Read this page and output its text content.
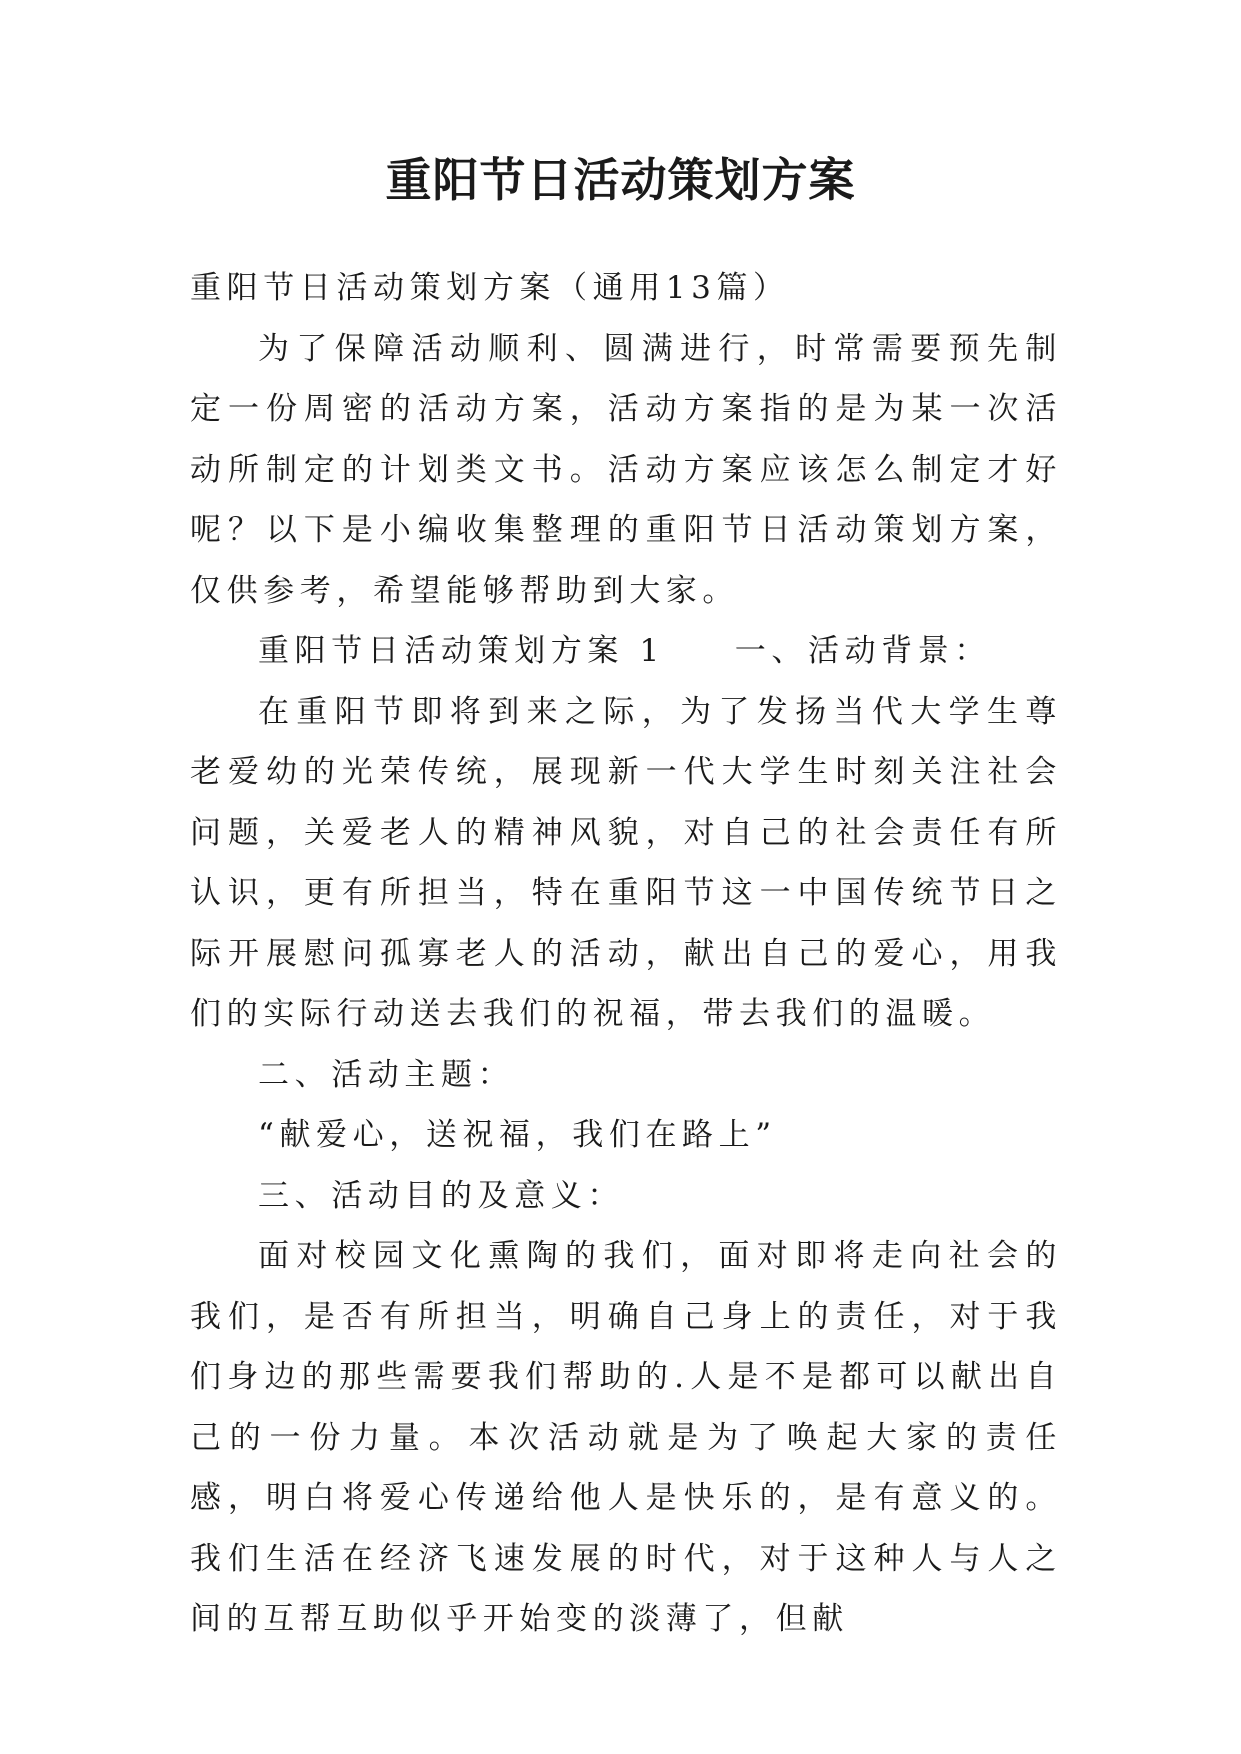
重阳节日活动策划方案

重阳节日活动策划方案（通用13篇）

为了保障活动顺利、圆满进行，时常需要预先制定一份周密的活动方案，活动方案指的是为某一次活动所制定的计划类文书。活动方案应该怎么制定才好呢？以下是小编收集整理的重阳节日活动策划方案，仅供参考，希望能够帮助到大家。

重阳节日活动策划方案 1 一、活动背景：

在重阳节即将到来之际，为了发扬当代大学生尊老爱幼的光荣传统，展现新一代大学生时刻关注社会问题，关爱老人的精神风貌，对自己的社会责任有所认识，更有所担当，特在重阳节这一中国传统节日之际开展慰问孤寡老人的活动，献出自己的爱心，用我们的实际行动送去我们的祝福，带去我们的温暖。

二、活动主题：

“献爱心，送祝福，我们在路上”

三、活动目的及意义：

面对校园文化熏陶的我们，面对即将走向社会的我们，是否有所担当，明确自己身上的责任，对于我们身边的那些需要我们帮助的.人是不是都可以献出自己的一份力量。本次活动就是为了唤起大家的责任感，明白将爱心传递给他人是快乐的，是有意义的。我们生活在经济飞速发展的时代，对于这种人与人之间的互帮互助似乎开始变的淡薄了，但献
